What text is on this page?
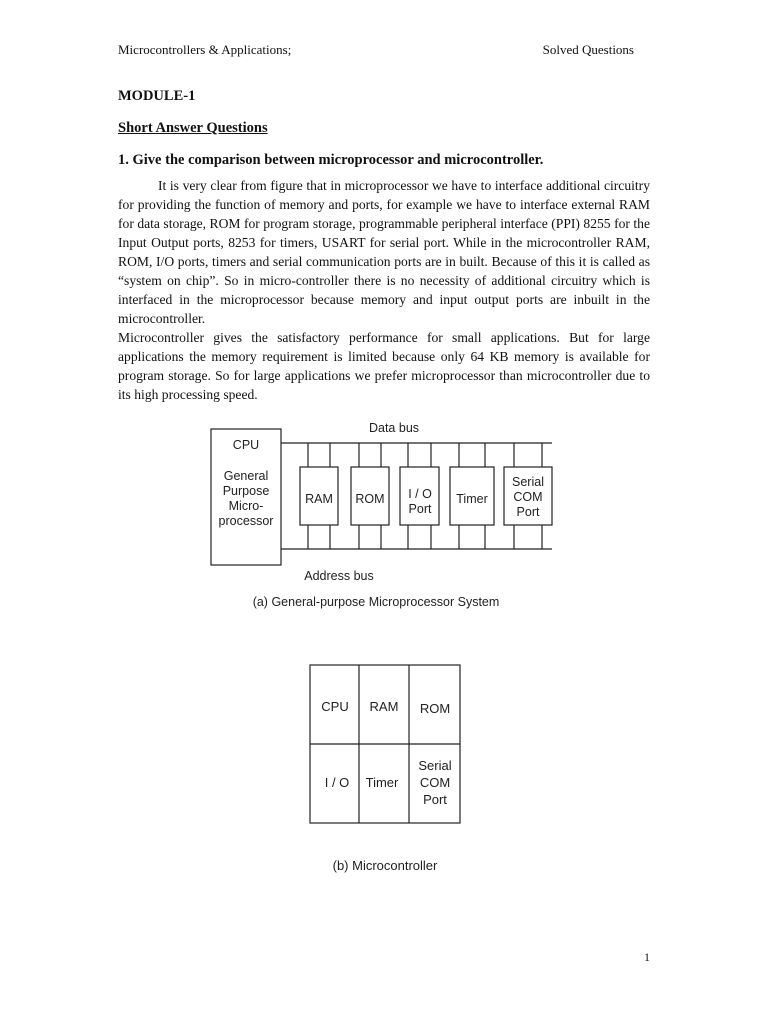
Microcontrollers & Applications;	Solved Questions
MODULE-1
Short Answer Questions
1. Give the comparison between microprocessor and microcontroller.

It is very clear from figure that in microprocessor we have to interface additional circuitry for providing the function of memory and ports, for example we have to interface external RAM for data storage, ROM for program storage, programmable peripheral interface (PPI) 8255 for the Input Output ports, 8253 for timers, USART for serial port. While in the microcontroller RAM, ROM, I/O ports, timers and serial communication ports are in built. Because of this it is called as “system on chip”. So in micro-controller there is no necessity of additional circuitry which is interfaced in the microprocessor because memory and input output ports are inbuilt in the microcontroller.

Microcontroller gives the satisfactory performance for small applications. But for large applications the memory requirement is limited because only 64 KB memory is available for program storage. So for large applications we prefer microprocessor than microcontroller due to its high processing speed.

CPU
General
Purpose
Micro-
processor
Data bus
Address bus
RAM ROM I / O
Port
Timer
Serial
COM
Port
(a) General-purpose Microprocessor System
CPU RAM ROM
I / O Timer
Serial
COM
Port
(b) Microcontroller
1
